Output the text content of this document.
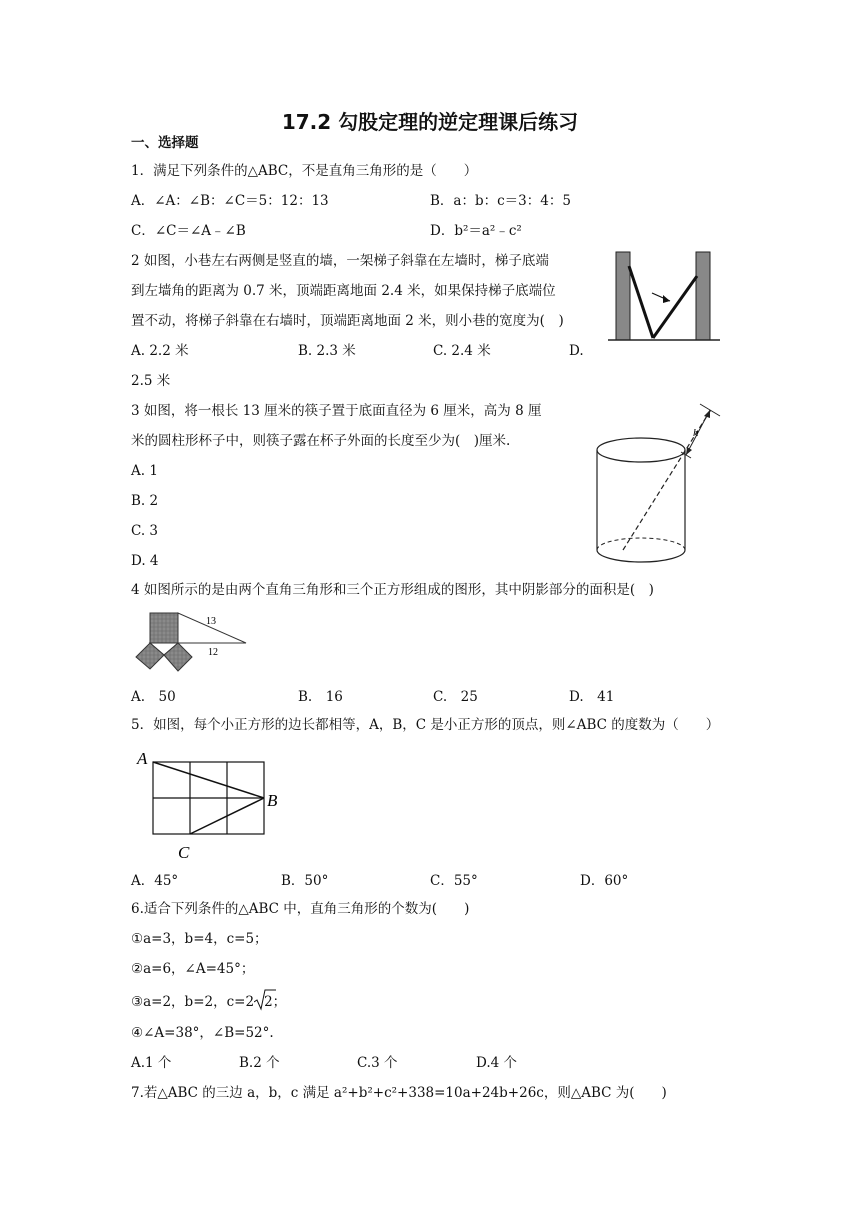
17.2 勾股定理的逆定理课后练习
一、选择题
1．满足下列条件的△ABC，不是直角三角形的是（　　）
A．∠A：∠B：∠C＝5：12：13	B．a：b：c＝3：4：5
C．∠C＝∠A﹣∠B	D．b²＝a²﹣c²
2 如图，小巷左右两侧是竖直的墙，一架梯子斜靠在左墙时，梯子底端
到左墙角的距离为 0.7 米，顶端距离地面 2.4 米，如果保持梯子底端位
置不动，将梯子斜靠在右墙时，顶端距离地面 2 米，则小巷的宽度为(　)
A. 2.2 米	B. 2.3 米	C. 2.4 米	D.
2.5 米
3 如图，将一根长 13 厘米的筷子置于底面直径为 6 厘米，高为 8 厘
米的圆柱形杯子中，则筷子露在杯子外面的长度至少为(　)厘米.
A. 1
B. 2
C. 3
D. 4
h
4 如图所示的是由两个直角三角形和三个正方形组成的图形，其中阴影部分的面积是(　)
13
12
A.　50	B.　16	C.　25	D.　41
5．如图，每个小正方形的边长都相等，A，B，C 是小正方形的顶点，则∠ABC 的度数为（　　）
A
B
C
A．45°	B．50°	C．55°	D．60°
6.适合下列条件的△ABC 中，直角三角形的个数为(　　)
①a=3，b=4，c=5；
②a=6，∠A=45°；
③a=2，b=2，c=2 2；
④∠A=38°，∠B=52°.
A.1 个	B.2 个	C.3 个	D.4 个
7.若△ABC 的三边 a，b，c 满足 a²+b²+c²+338=10a+24b+26c，则△ABC 为(　　)
